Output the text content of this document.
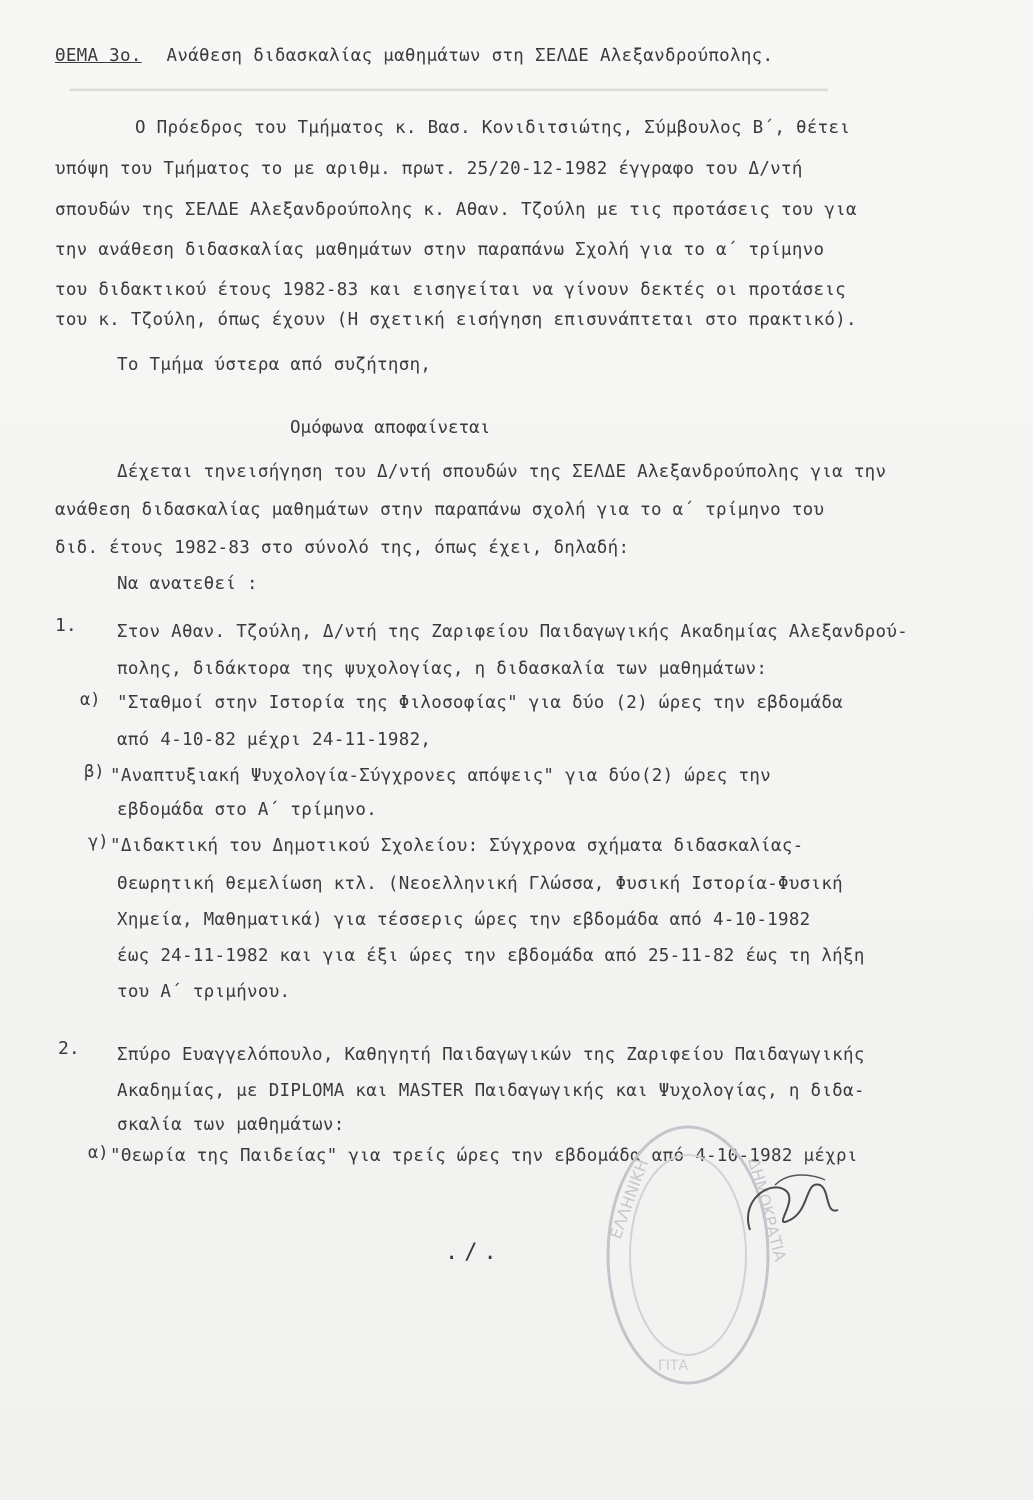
▁▁▁▁▁▁▁▁▁▁▁▁▁▁▁▁▁▁▁▁▁▁▁▁▁▁▁▁▁▁▁▁▁▁▁▁▁▁▁▁▁▁▁▁▁▁▁▁▁▁▁▁▁▁▁▁▁▁▁▁▁▁▁▁▁▁▁▁▁▁▁▁▁▁
ΘΕΜΑ 3ο. Ανάθεση διδασκαλίας μαθημάτων στη ΣΕΛΔΕ Αλεξανδρούπολης.
Ο Πρόεδρος του Τμήματος κ. Βασ. Κονιδιτσιώτης, Σύμβουλος Β΄, θέτει
υπόψη του Τμήματος το με αριθμ. πρωτ. 25/20-12-1982 έγγραφο του Δ/ντή
σπουδών της ΣΕΛΔΕ Αλεξανδρούπολης κ. Αθαν. Τζούλη με τις προτάσεις του για
την ανάθεση διδασκαλίας μαθημάτων στην παραπάνω Σχολή για το α΄ τρίμηνο
του διδακτικού έτους 1982-83 και εισηγείται να γίνουν δεκτές οι προτάσεις
του κ. Τζούλη, όπως έχουν (Η σχετική εισήγηση επισυνάπτεται στο πρακτικό).
Το Τμήμα ύστερα από συζήτηση,
Ομόφωνα αποφαίνεται
Δέχεται τηνεισήγηση του Δ/ντή σπουδών της ΣΕΛΔΕ Αλεξανδρούπολης για την
ανάθεση διδασκαλίας μαθημάτων στην παραπάνω σχολή για το α΄ τρίμηνο του
διδ. έτους 1982-83 στο σύνολό της, όπως έχει, δηλαδή:
Να ανατεθεί :
1. Στον Αθαν. Τζούλη, Δ/ντή της Ζαριφείου Παιδαγωγικής Ακαδημίας Αλεξανδρού-
πολης, διδάκτορα της ψυχολογίας, η διδασκαλία των μαθημάτων:
α) "Σταθμοί στην Ιστορία της Φιλοσοφίας" για δύο (2) ώρες την εβδομάδα
από 4-10-82 μέχρι 24-11-1982,
β) "Αναπτυξιακή Ψυχολογία-Σύγχρονες απόψεις" για δύο(2) ώρες την
εβδομάδα στο Α΄ τρίμηνο.
γ) "Διδακτική του Δημοτικού Σχολείου: Σύγχρονα σχήματα διδασκαλίας-
Θεωρητική θεμελίωση κτλ. (Νεοελληνική Γλώσσα, Φυσική Ιστορία-Φυσική
Χημεία, Μαθηματικά) για τέσσερις ώρες την εβδομάδα από 4-10-1982
έως 24-11-1982 και για έξι ώρες την εβδομάδα από 25-11-82 έως τη λήξη
του Α΄ τριμήνου.
2. Σπύρο Ευαγγελόπουλο, Καθηγητή Παιδαγωγικών της Ζαριφείου Παιδαγωγικής
Ακαδημίας, με DIPLOMA και MASTER Παιδαγωγικής και Ψυχολογίας, η διδα-
σκαλία των μαθημάτων:
α) "Θεωρία της Παιδείας" για τρείς ώρες την εβδομάδα από 4-10-1982 μέχρι
./.
ΕΛΛΗΝΙΚΗ	ΔΗΜΟΚΡΑΤΙΑ
ΓΙΤΑ
